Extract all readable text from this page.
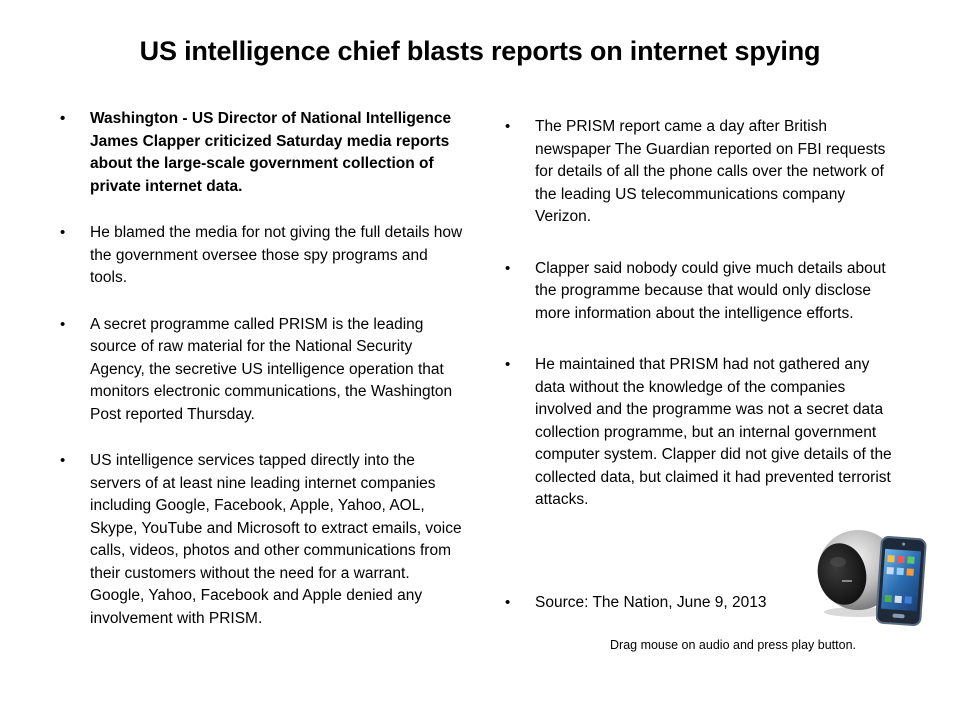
US intelligence chief blasts reports on internet spying
• Washington - US Director of National Intelligence James Clapper criticized Saturday media reports about the large-scale government collection of private internet data.
• He blamed the media for not giving the full details how the government oversee those spy programs and tools.
• A secret programme called PRISM is the leading source of raw material for the National Security Agency, the secretive US intelligence operation that monitors electronic communications, the Washington Post reported Thursday.
• US intelligence services tapped directly into the servers of at least nine leading internet companies including Google, Facebook, Apple, Yahoo, AOL, Skype, YouTube and Microsoft to extract emails, voice calls, videos, photos and other communications from their customers without the need for a warrant. Google, Yahoo, Facebook and Apple denied any involvement with PRISM.
• The PRISM report came a day after British newspaper The Guardian reported on FBI requests for details of all the phone calls over the network of the leading US telecommunications company Verizon.
• Clapper said nobody could give much details about the programme because that would only disclose more information about the intelligence efforts.
• He maintained that PRISM had not gathered any data without the knowledge of the companies involved and the programme was not a secret data collection programme, but an internal government computer system. Clapper did not give details of the collected data, but claimed it had prevented terrorist attacks.
• Source: The Nation, June 9, 2013
Drag mouse on audio and press play button.
